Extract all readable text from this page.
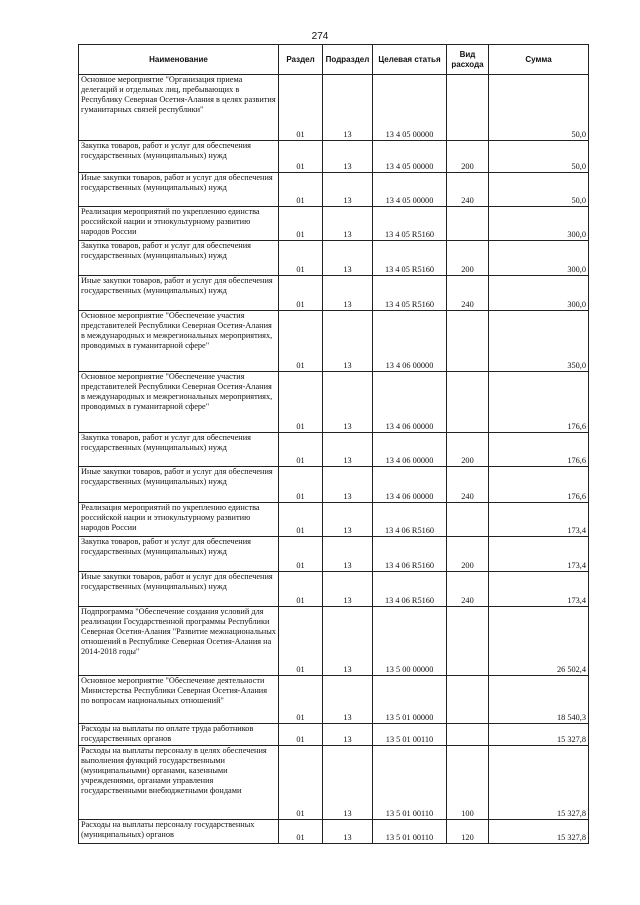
274
Наименование	Раздел	Подраздел	Целевая статья	Вид расхода	Сумма
Основное мероприятие "Организация приема делегаций и отдельных лиц, пребывающих в Республику Северная Осетия-Алания в целях развития гуманитарных связей республики"	01	13	13 4 05 00000		50,0
Закупка товаров, работ и услуг для обеспечения государственных (муниципальных) нужд	01	13	13 4 05 00000	200	50,0
Иные закупки товаров, работ и услуг для обеспечения государственных (муниципальных) нужд	01	13	13 4 05 00000	240	50,0
Реализация мероприятий по укреплению единства российской нации и этнокультурному развитию народов России	01	13	13 4 05 R5160		300,0
Закупка товаров, работ и услуг для обеспечения государственных (муниципальных) нужд	01	13	13 4 05 R5160	200	300,0
Иные закупки товаров, работ и услуг для обеспечения государственных (муниципальных) нужд	01	13	13 4 05 R5160	240	300,0
Основное мероприятие "Обеспечение участия представителей Республики Северная Осетия-Алания в международных и межрегиональных мероприятиях, проводимых в гуманитарной сфере"	01	13	13 4 06 00000		350,0
Основное мероприятие "Обеспечение участия представителей Республики Северная Осетия-Алания в международных и межрегиональных мероприятиях, проводимых в гуманитарной сфере"	01	13	13 4 06 00000		176,6
Закупка товаров, работ и услуг для обеспечения государственных (муниципальных) нужд	01	13	13 4 06 00000	200	176,6
Иные закупки товаров, работ и услуг для обеспечения государственных (муниципальных) нужд	01	13	13 4 06 00000	240	176,6
Реализация мероприятий по укреплению единства российской нации и этнокультурному развитию народов России	01	13	13 4 06 R5160		173,4
Закупка товаров, работ и услуг для обеспечения государственных (муниципальных) нужд	01	13	13 4 06 R5160	200	173,4
Иные закупки товаров, работ и услуг для обеспечения государственных (муниципальных) нужд	01	13	13 4 06 R5160	240	173,4
Подпрограмма "Обеспечение создания условий для реализации Государственной программы Республики Северная Осетия-Алания "Развитие межнациональных отношений в Республике Северная Осетия-Алания на 2014-2018 годы"	01	13	13 5 00 00000		26 502,4
Основное мероприятие "Обеспечение деятельности Министерства Республики Северная Осетия-Алания по вопросам национальных отношений"	01	13	13 5 01 00000		18 540,3
Расходы на выплаты по оплате труда работников государственных органов	01	13	13 5 01 00110		15 327,8
Расходы на выплаты персоналу в целях обеспечения выполнения функций государственными (муниципальными) органами, казенными учреждениями, органами управления государственными внебюджетными фондами	01	13	13 5 01 00110	100	15 327,8
Расходы на выплаты персоналу государственных (муниципальных) органов	01	13	13 5 01 00110	120	15 327,8
